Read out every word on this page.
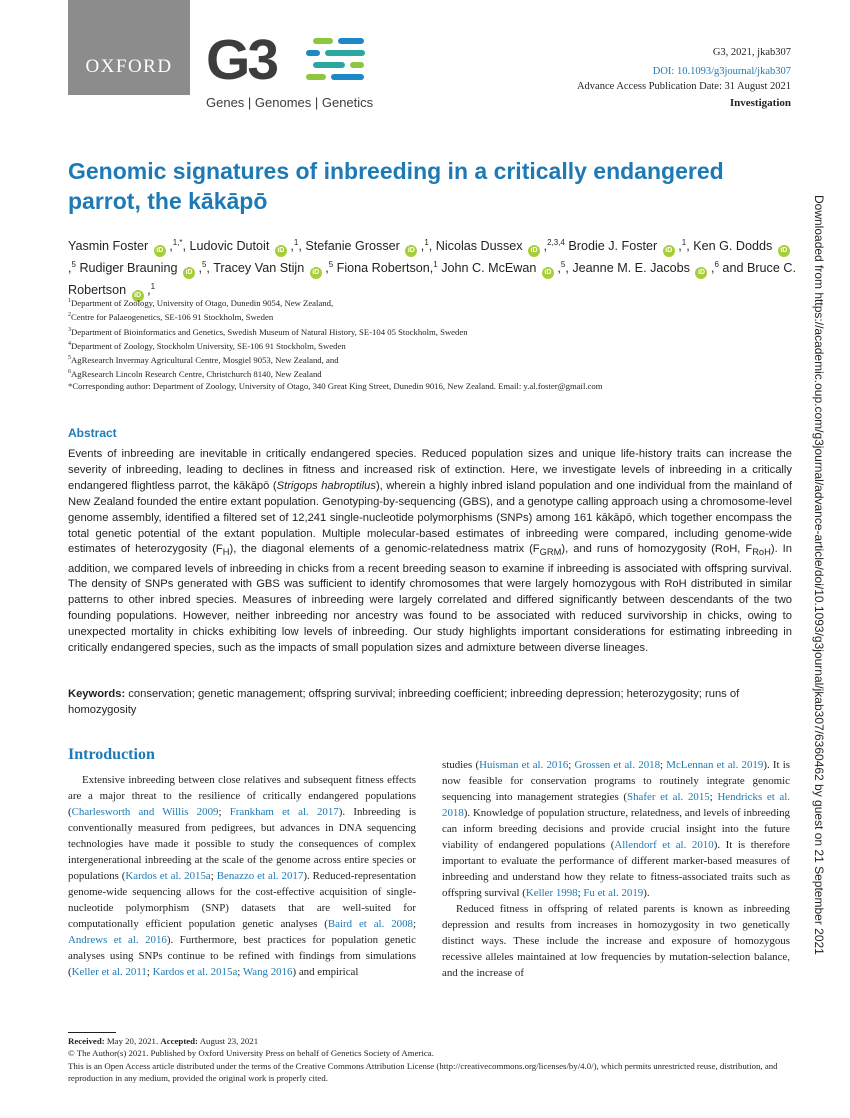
OXFORD G3
Genes | Genomes | Genetics
G3, 2021, jkab307
DOI: 10.1093/g3journal/jkab307
Advance Access Publication Date: 31 August 2021
Investigation
Genomic signatures of inbreeding in a critically endangered parrot, the kākāpō
Yasmin Foster iD ,$^{1,*}$, Ludovic Dutoit iD ,$^1$, Stefanie Grosser iD ,$^1$, Nicolas Dussex iD ,$^{2,3,4}$ Brodie J. Foster iD ,$^1$, Ken G. Dodds iD ,$^5$ Rudiger Brauning iD ,$^5$, Tracey Van Stijn iD ,$^5$ Fiona Robertson,$^1$ John C. McEwan iD ,$^5$, Jeanne M. E. Jacobs iD ,$^6$ and Bruce C. Robertson iD ,$^1$
$^1$Department of Zoology, University of Otago, Dunedin 9054, New Zealand,
$^2$Centre for Palaeogenetics, SE-106 91 Stockholm, Sweden
$^3$Department of Bioinformatics and Genetics, Swedish Museum of Natural History, SE-104 05 Stockholm, Sweden
$^4$Department of Zoology, Stockholm University, SE-106 91 Stockholm, Sweden
$^5$AgResearch Invermay Agricultural Centre, Mosgiel 9053, New Zealand, and
$^6$AgResearch Lincoln Research Centre, Christchurch 8140, New Zealand
*Corresponding author: Department of Zoology, University of Otago, 340 Great King Street, Dunedin 9016, New Zealand. Email: y.al.foster@gmail.com
Abstract
Events of inbreeding are inevitable in critically endangered species. Reduced population sizes and unique life-history traits can increase the severity of inbreeding, leading to declines in fitness and increased risk of extinction. Here, we investigate levels of inbreeding in a critically endangered flightless parrot, the kākāpō (Strigops habroptilus), wherein a highly inbred island population and one individual from the mainland of New Zealand founded the entire extant population. Genotyping-by-sequencing (GBS), and a genotype calling approach using a chromosome-level genome assembly, identified a filtered set of 12,241 single-nucleotide polymorphisms (SNPs) among 161 kākāpō, which together encompass the total genetic potential of the extant population. Multiple molecular-based estimates of inbreeding were compared, including genome-wide estimates of heterozygosity $(F_H)$, the diagonal elements of a genomic-relatedness matrix $(F_{GRM})$, and runs of homozygosity (RoH, $F_{RoH}$). In addition, we compared levels of inbreeding in chicks from a recent breeding season to examine if inbreeding is associated with offspring survival. The density of SNPs generated with GBS was sufficient to identify chromosomes that were largely homozygous with RoH distributed in similar patterns to other inbred species. Measures of inbreeding were largely correlated and differed significantly between descendants of the two founding populations. However, neither inbreeding nor ancestry was found to be associated with reduced survivorship in chicks, owing to unexpected mortality in chicks exhibiting low levels of inbreeding. Our study highlights important considerations for estimating inbreeding in critically endangered species, such as the impacts of small population sizes and admixture between diverse lineages.
Keywords: conservation; genetic management; offspring survival; inbreeding coefficient; inbreeding depression; heterozygosity; runs of homozygosity
Introduction

Extensive inbreeding between close relatives and subsequent fitness effects are a major threat to the resilience of critically endangered populations (Charlesworth and Willis 2009; Frankham et al. 2017). Inbreeding is conventionally measured from pedigrees, but advances in DNA sequencing technologies have made it possible to study the consequences of complex intergenerational inbreeding at the scale of the genome across entire species or populations (Kardos et al. 2015a; Benazzo et al. 2017). Reduced-representation genome-wide sequencing allows for the cost-effective acquisition of single-nucleotide polymorphism (SNP) datasets that are well-suited for computationally efficient population genetic analyses (Baird et al. 2008; Andrews et al. 2016). Furthermore, best practices for population genetic analyses using SNPs continue to be refined with findings from simulations (Keller et al. 2011; Kardos et al. 2015a; Wang 2016) and empirical

studies (Huisman et al. 2016; Grossen et al. 2018; McLennan et al. 2019). It is now feasible for conservation programs to routinely integrate genomic sequencing into management strategies (Shafer et al. 2015; Hendricks et al. 2018). Knowledge of population structure, relatedness, and levels of inbreeding can inform breeding decisions and provide crucial insight into the future viability of endangered populations (Allendorf et al. 2010). It is therefore important to evaluate the performance of different marker-based measures of inbreeding and understand how they relate to fitness-associated traits such as offspring survival (Keller 1998; Fu et al. 2019).

Reduced fitness in offspring of related parents is known as inbreeding depression and results from increases in homozygosity in two genetically distinct ways. These include the increase and exposure of homozygous recessive alleles maintained at low frequencies by mutation-selection balance, and the increase of

Received: May 20, 2021. Accepted: August 23, 2021
© The Author(s) 2021. Published by Oxford University Press on behalf of Genetics Society of America.
This is an Open Access article distributed under the terms of the Creative Commons Attribution License (http://creativecommons.org/licenses/by/4.0/), which permits unrestricted reuse, distribution, and reproduction in any medium, provided the original work is properly cited.
Downloaded from https://academic.oup.com/g3journal/advance-article/doi/10.1093/g3journal/jkab307/6360462 by guest on 21 September 2021
